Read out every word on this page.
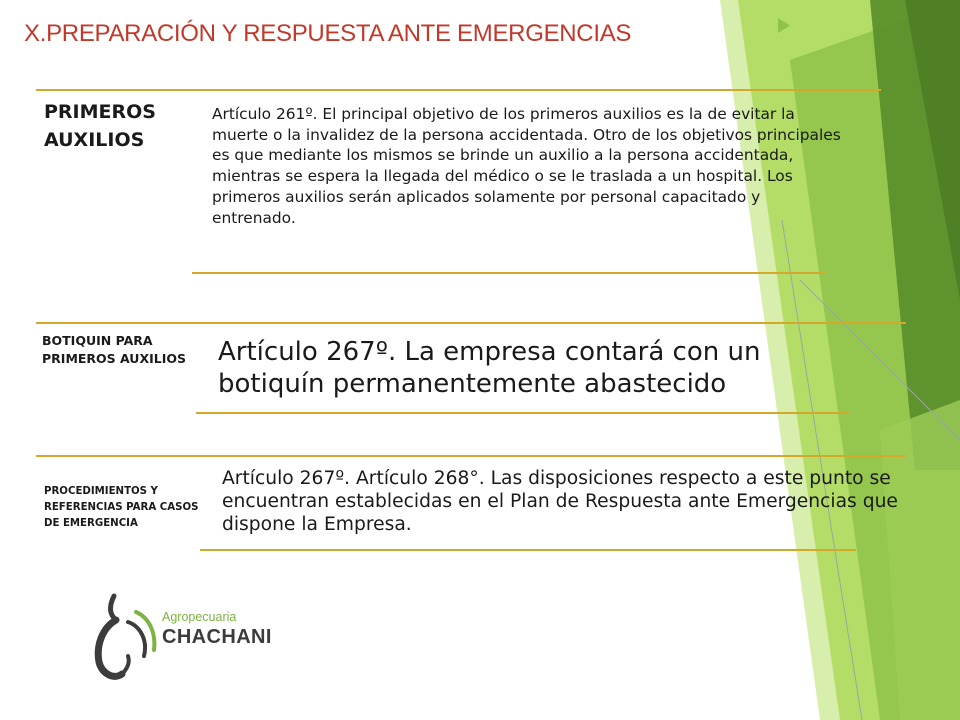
X.PREPARACIÓN Y RESPUESTA ANTE EMERGENCIAS
PRIMEROS AUXILIOS
Artículo 261º. El principal objetivo de los primeros auxilios es la de evitar la muerte o la invalidez de la persona accidentada. Otro de los objetivos principales es que mediante los mismos se brinde un auxilio a la persona accidentada, mientras se espera la llegada del médico o se le traslada a un hospital. Los primeros auxilios serán aplicados solamente por personal capacitado y entrenado.
BOTIQUIN PARA PRIMEROS AUXILIOS	Artículo 267º. La empresa contará con un botiquín permanentemente abastecido
PROCEDIMIENTOS Y REFERENCIAS PARA CASOS DE EMERGENCIA
Artículo 267º. Artículo 268°. Las disposiciones respecto a este punto se encuentran establecidas en el Plan de Respuesta ante Emergencias que dispone la Empresa.
Agropecuaria
CHACHANI
